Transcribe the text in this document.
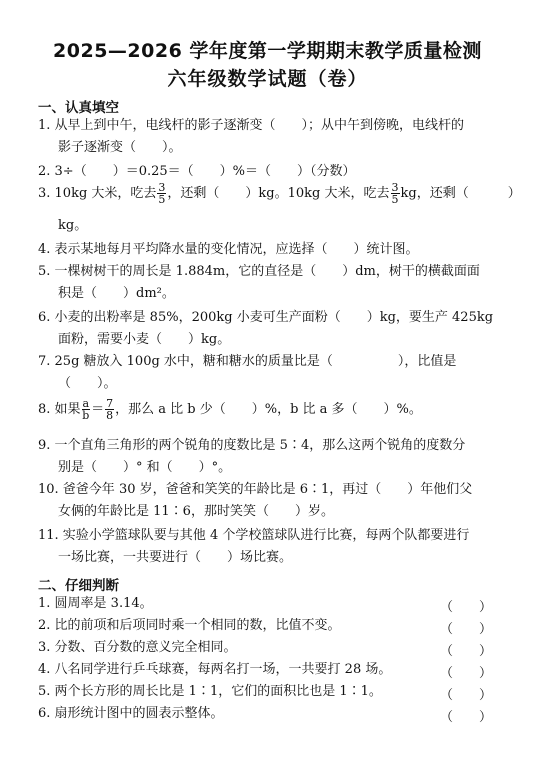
2025—2026 学年度第一学期期末教学质量检测
六年级数学试题（卷）
一、认真填空
1. 从早上到中午，电线杆的影子逐渐变（　　）；从中午到傍晚，电线杆的
影子逐渐变（　　）。
2. 3÷（　　）＝0.25＝（　　）%＝（　　）（分数）
3. 10kg 大米，吃去 $\frac{3}{5}$ ，还剩（　　）kg。10kg 大米，吃去 $\frac{3}{5}$ kg，还剩（　　　）
kg。
4. 表示某地每月平均降水量的变化情况，应选择（　　）统计图。
5. 一棵树树干的周长是 1.884m，它的直径是（　　）dm，树干的横截面面
积是（　　）dm²。
6. 小麦的出粉率是 85%，200kg 小麦可生产面粉（　　）kg，要生产 425kg
面粉，需要小麦（　　）kg。
7. 25g 糖放入 100g 水中，糖和糖水的质量比是（　　　　　），比值是
（　　）。
8. 如果 $\frac{a}{b} = \frac{7}{8}$ ，那么 a 比 b 少（　　）%，b 比 a 多（　　）%。
9. 一个直角三角形的两个锐角的度数比是 5∶4，那么这两个锐角的度数分
别是（　　）° 和（　　）°。
10. 爸爸今年 30 岁，爸爸和笑笑的年龄比是 6∶1，再过（　　）年他们父
女俩的年龄比是 11∶6，那时笑笑（　　）岁。
11. 实验小学篮球队要与其他 4 个学校篮球队进行比赛，每两个队都要进行
一场比赛，一共要进行（　　）场比赛。
二、仔细判断
1. 圆周率是 3.14。	（　　）
2. 比的前项和后项同时乘一个相同的数，比值不变。	（　　）
3. 分数、百分数的意义完全相同。	（　　）
4. 八名同学进行乒乓球赛，每两名打一场，一共要打 28 场。	（　　）
5. 两个长方形的周长比是 1∶1，它们的面积比也是 1∶1。	（　　）
6. 扇形统计图中的圆表示整体。	（　　）
